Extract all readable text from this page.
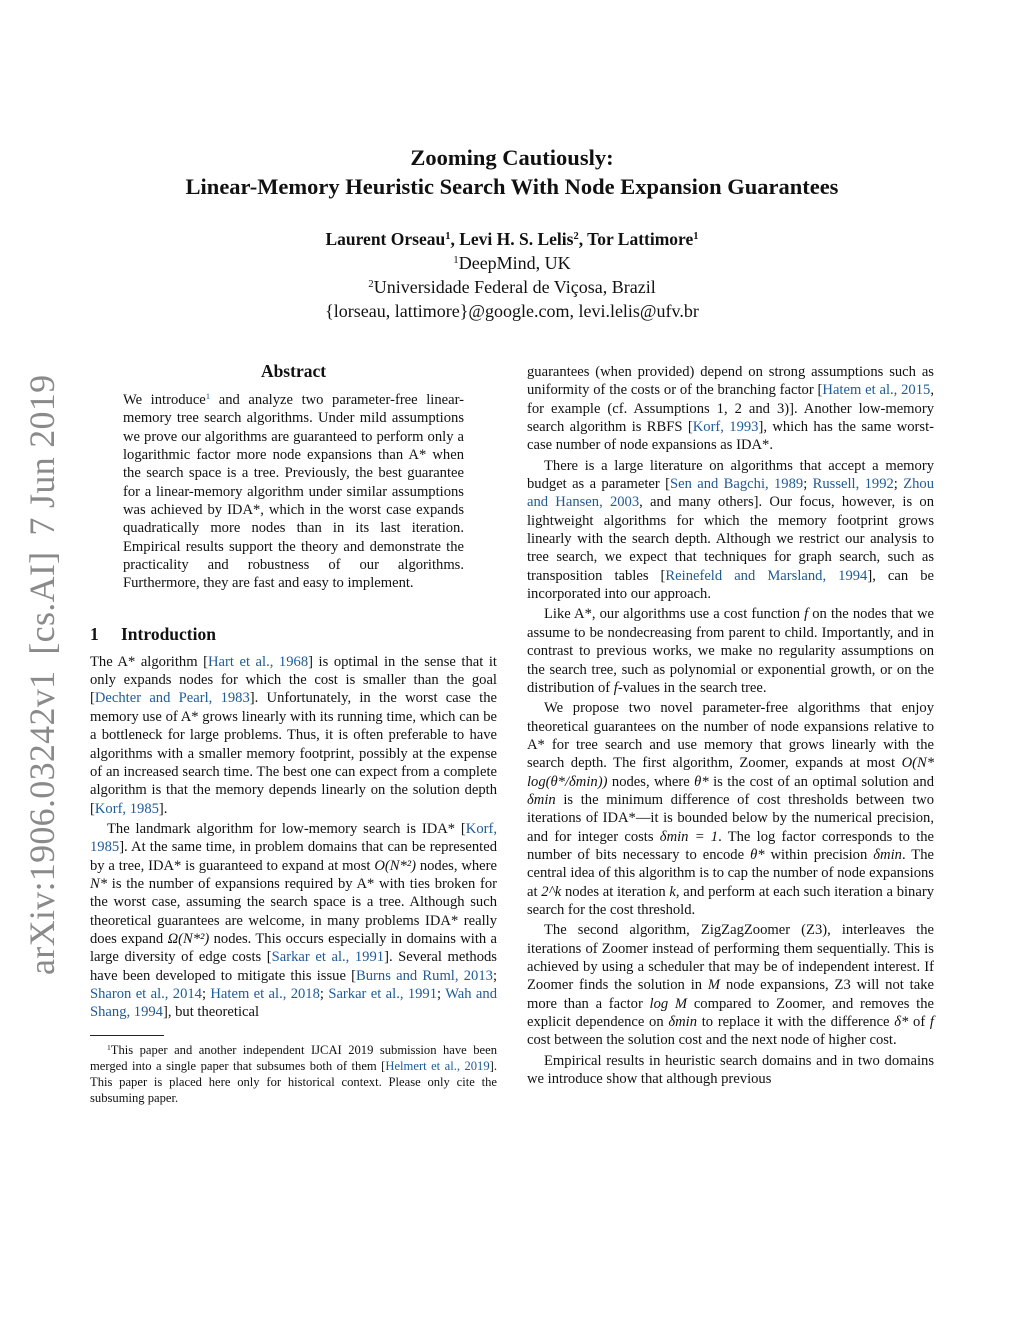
arXiv:1906.03242v1[cs.AI]7 Jun 2019
Zooming Cautiously:
Linear-Memory Heuristic Search With Node Expansion Guarantees
Laurent Orseau$^1$, Levi H. S. Lelis$^2$, Tor Lattimore$^1$
$^1$DeepMind, UK
$^2$Universidade Federal de Viçosa, Brazil
{lorseau, lattimore}@google.com, levi.lelis@ufv.br
Abstract

We introduce$^1$ and analyze two parameter-free linear-memory tree search algorithms. Under mild assumptions we prove our algorithms are guaranteed to perform only a logarithmic factor more node expansions than A* when the search space is a tree. Previously, the best guarantee for a linear-memory algorithm under similar assumptions was achieved by IDA*, which in the worst case expands quadratically more nodes than in its last iteration. Empirical results support the theory and demonstrate the practicality and robustness of our algorithms. Furthermore, they are fast and easy to implement.

1 Introduction

The A* algorithm [Hart et al., 1968] is optimal in the sense that it only expands nodes for which the cost is smaller than the goal [Dechter and Pearl, 1983]. Unfortunately, in the worst case the memory use of A* grows linearly with its running time, which can be a bottleneck for large problems. Thus, it is often preferable to have algorithms with a smaller memory footprint, possibly at the expense of an increased search time. The best one can expect from a complete algorithm is that the memory depends linearly on the solution depth [Korf, 1985].

The landmark algorithm for low-memory search is IDA* [Korf, 1985]. At the same time, in problem domains that can be represented by a tree, IDA* is guaranteed to expand at most O(N*²) nodes, where N* is the number of expansions required by A* with ties broken for the worst case, assuming the search space is a tree. Although such theoretical guarantees are welcome, in many problems IDA* really does expand Ω(N*²) nodes. This occurs especially in domains with a large diversity of edge costs [Sarkar et al., 1991]. Several methods have been developed to mitigate this issue [Burns and Ruml, 2013; Sharon et al., 2014; Hatem et al., 2018; Sarkar et al., 1991; Wah and Shang, 1994], but theoretical

$^1$This paper and another independent IJCAI 2019 submission have been merged into a single paper that subsumes both of them [Helmert et al., 2019]. This paper is placed here only for historical context. Please only cite the subsuming paper.

guarantees (when provided) depend on strong assumptions such as uniformity of the costs or of the branching factor [Hatem et al., 2015, for example (cf. Assumptions 1, 2 and 3)]. Another low-memory search algorithm is RBFS [Korf, 1993], which has the same worst-case number of node expansions as IDA*.

There is a large literature on algorithms that accept a memory budget as a parameter [Sen and Bagchi, 1989; Russell, 1992; Zhou and Hansen, 2003, and many others]. Our focus, however, is on lightweight algorithms for which the memory footprint grows linearly with the search depth. Although we restrict our analysis to tree search, we expect that techniques for graph search, such as transposition tables [Reinefeld and Marsland, 1994], can be incorporated into our approach.

Like A*, our algorithms use a cost function f on the nodes that we assume to be nondecreasing from parent to child. Importantly, and in contrast to previous works, we make no regularity assumptions on the search tree, such as polynomial or exponential growth, or on the distribution of f-values in the search tree.

We propose two novel parameter-free algorithms that enjoy theoretical guarantees on the number of node expansions relative to A* for tree search and use memory that grows linearly with the search depth. The first algorithm, Zoomer, expands at most O(N* log(θ*/δmin)) nodes, where θ* is the cost of an optimal solution and δmin is the minimum difference of cost thresholds between two iterations of IDA*—it is bounded below by the numerical precision, and for integer costs δmin = 1. The log factor corresponds to the number of bits necessary to encode θ* within precision δmin. The central idea of this algorithm is to cap the number of node expansions at 2^k nodes at iteration k, and perform at each such iteration a binary search for the cost threshold.

The second algorithm, ZigZagZoomer (Z3), interleaves the iterations of Zoomer instead of performing them sequentially. This is achieved by using a scheduler that may be of independent interest. If Zoomer finds the solution in M node expansions, Z3 will not take more than a factor log M compared to Zoomer, and removes the explicit dependence on δmin to replace it with the difference δ* of f cost between the solution cost and the next node of higher cost.

Empirical results in heuristic search domains and in two domains we introduce show that although previous
